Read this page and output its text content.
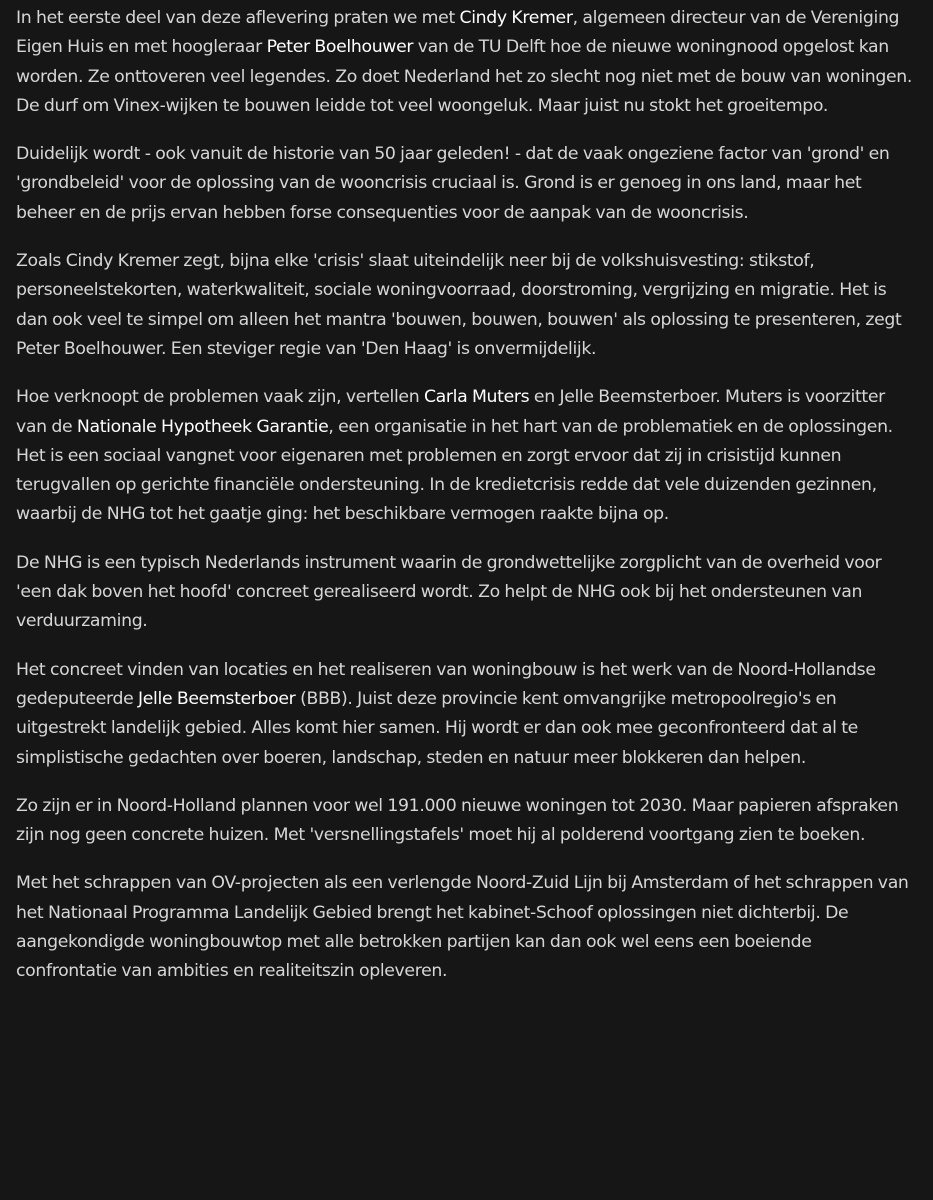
In het eerste deel van deze aflevering praten we met Cindy Kremer, algemeen directeur van de Vereniging Eigen Huis en met hoogleraar Peter Boelhouwer van de TU Delft hoe de nieuwe woningnood opgelost kan worden. Ze onttoveren veel legendes. Zo doet Nederland het zo slecht nog niet met de bouw van woningen. De durf om Vinex-wijken te bouwen leidde tot veel woongeluk. Maar juist nu stokt het groeitempo.

Duidelijk wordt - ook vanuit de historie van 50 jaar geleden! - dat de vaak ongeziene factor van 'grond' en 'grondbeleid' voor de oplossing van de wooncrisis cruciaal is. Grond is er genoeg in ons land, maar het beheer en de prijs ervan hebben forse consequenties voor de aanpak van de wooncrisis.

Zoals Cindy Kremer zegt, bijna elke 'crisis' slaat uiteindelijk neer bij de volkshuisvesting: stikstof, personeelstekorten, waterkwaliteit, sociale woningvoorraad, doorstroming, vergrijzing en migratie. Het is dan ook veel te simpel om alleen het mantra 'bouwen, bouwen, bouwen' als oplossing te presenteren, zegt Peter Boelhouwer. Een steviger regie van 'Den Haag' is onvermijdelijk.

Hoe verknoopt de problemen vaak zijn, vertellen Carla Muters en Jelle Beemsterboer. Muters is voorzitter van de Nationale Hypotheek Garantie, een organisatie in het hart van de problematiek en de oplossingen. Het is een sociaal vangnet voor eigenaren met problemen en zorgt ervoor dat zij in crisistijd kunnen terugvallen op gerichte financiële ondersteuning. In de kredietcrisis redde dat vele duizenden gezinnen, waarbij de NHG tot het gaatje ging: het beschikbare vermogen raakte bijna op.

De NHG is een typisch Nederlands instrument waarin de grondwettelijke zorgplicht van de overheid voor 'een dak boven het hoofd' concreet gerealiseerd wordt. Zo helpt de NHG ook bij het ondersteunen van verduurzaming.

Het concreet vinden van locaties en het realiseren van woningbouw is het werk van de Noord-Hollandse gedeputeerde Jelle Beemsterboer (BBB). Juist deze provincie kent omvangrijke metropoolregio's en uitgestrekt landelijk gebied. Alles komt hier samen. Hij wordt er dan ook mee geconfronteerd dat al te simplistische gedachten over boeren, landschap, steden en natuur meer blokkeren dan helpen.

Zo zijn er in Noord-Holland plannen voor wel 191.000 nieuwe woningen tot 2030. Maar papieren afspraken zijn nog geen concrete huizen. Met 'versnellingstafels' moet hij al polderend voortgang zien te boeken.

Met het schrappen van OV-projecten als een verlengde Noord-Zuid Lijn bij Amsterdam of het schrappen van het Nationaal Programma Landelijk Gebied brengt het kabinet-Schoof oplossingen niet dichterbij. De aangekondigde woningbouwtop met alle betrokken partijen kan dan ook wel eens een boeiende confrontatie van ambities en realiteitszin opleveren.
